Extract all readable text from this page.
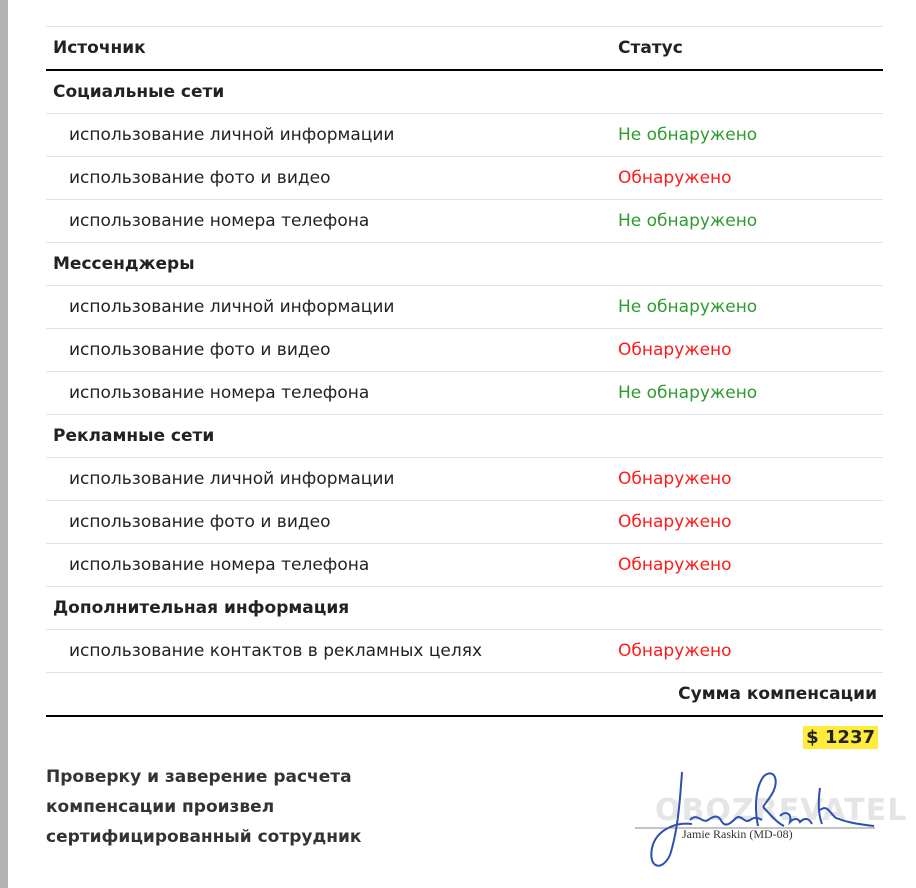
Источник	Статус
Социальные сети
использование личной информации	Не обнаружено
использование фото и видео	Обнаружено
использование номера телефона	Не обнаружено
Мессенджеры
использование личной информации	Не обнаружено
использование фото и видео	Обнаружено
использование номера телефона	Не обнаружено
Рекламные сети
использование личной информации	Обнаружено
использование фото и видео	Обнаружено
использование номера телефона	Обнаружено
Дополнительная информация
использование контактов в рекламных целях	Обнаружено
Сумма компенсации
$ 1237
Проверку и заверение расчета
компенсации произвел
сертифицированный сотрудник
OBOZREVATEL
Jamie Raskin (MD-08)
